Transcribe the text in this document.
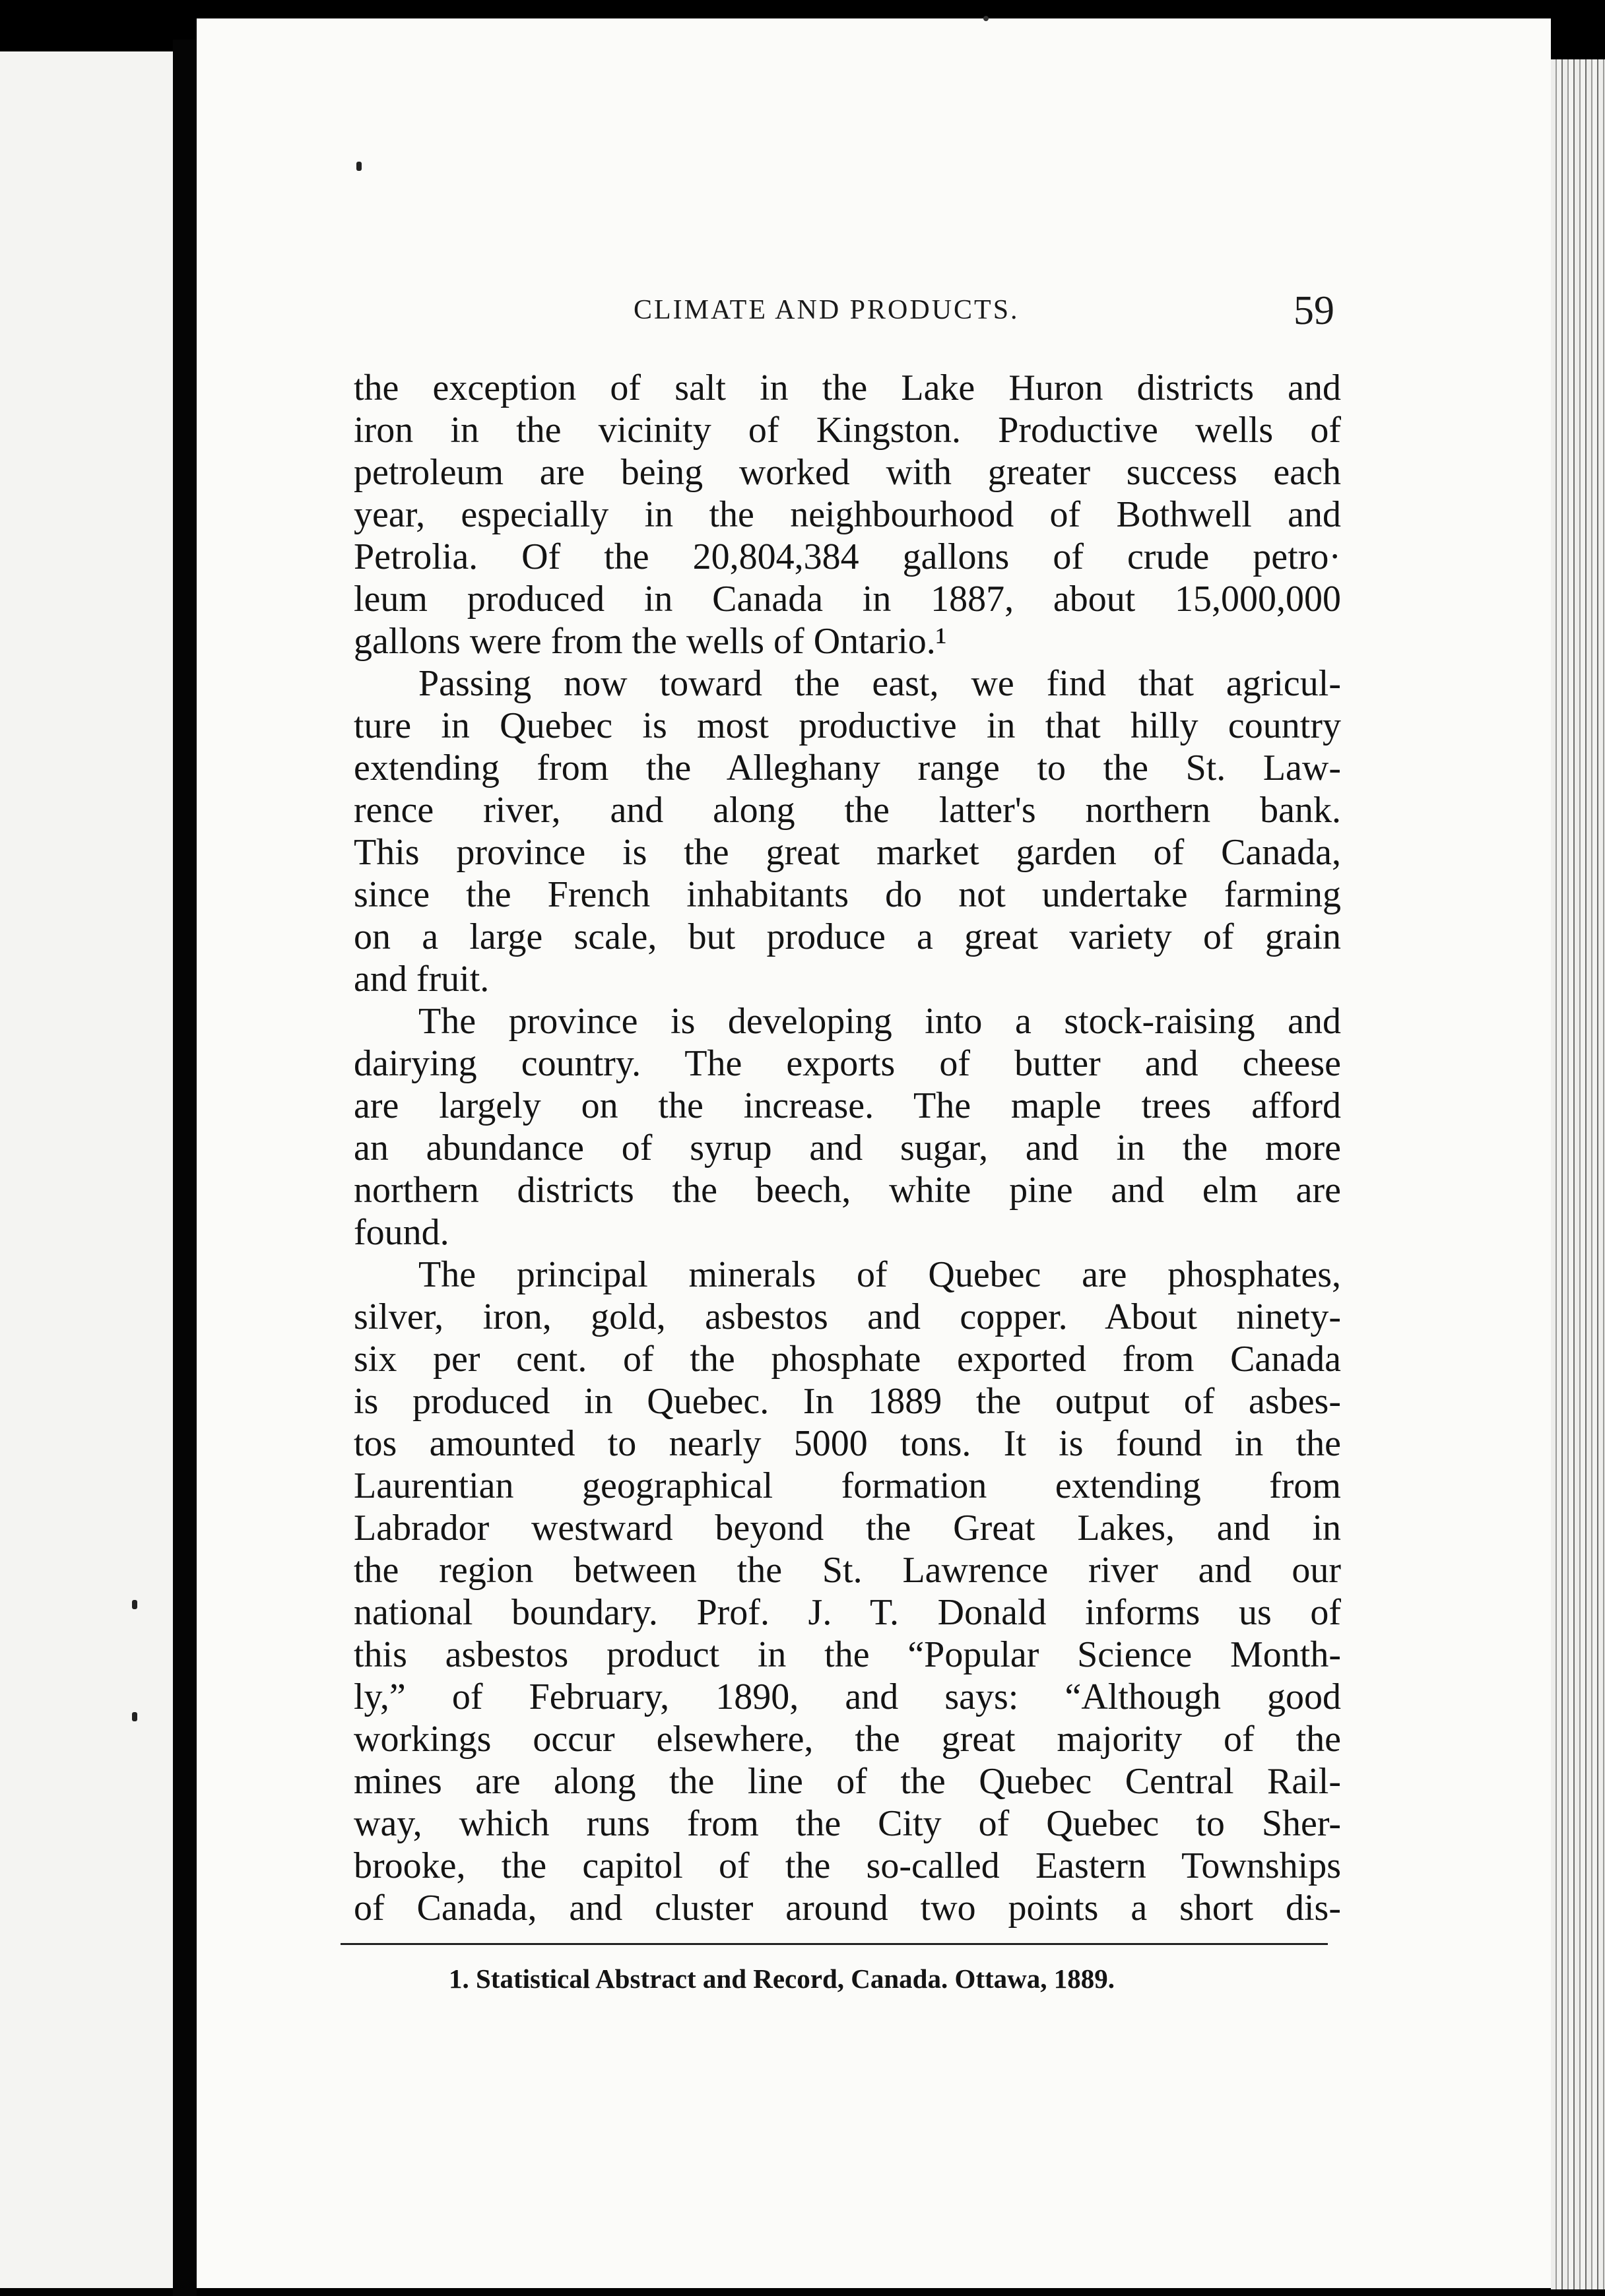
CLIMATE AND PRODUCTS.	59
the exception of salt in the Lake Huron districts and
iron in the vicinity of Kingston. Productive wells of
petroleum are being worked with greater success each
year, especially in the neighbourhood of Bothwell and
Petrolia. Of the 20,804,384 gallons of crude petro·
leum produced in Canada in 1887, about 15,000,000
gallons were from the wells of Ontario.¹
Passing now toward the east, we find that agricul-
ture in Quebec is most productive in that hilly country
extending from the Alleghany range to the St. Law-
rence river, and along the latter's northern bank.
This province is the great market garden of Canada,
since the French inhabitants do not undertake farming
on a large scale, but produce a great variety of grain
and fruit.
The province is developing into a stock-raising and
dairying country. The exports of butter and cheese
are largely on the increase. The maple trees afford
an abundance of syrup and sugar, and in the more
northern districts the beech, white pine and elm are
found.
The principal minerals of Quebec are phosphates,
silver, iron, gold, asbestos and copper. About ninety-
six per cent. of the phosphate exported from Canada
is produced in Quebec. In 1889 the output of asbes-
tos amounted to nearly 5000 tons. It is found in the
Laurentian geographical formation extending from
Labrador westward beyond the Great Lakes, and in
the region between the St. Lawrence river and our
national boundary. Prof. J. T. Donald informs us of
this asbestos product in the “Popular Science Month-
ly,” of February, 1890, and says: “Although good
workings occur elsewhere, the great majority of the
mines are along the line of the Quebec Central Rail-
way, which runs from the City of Quebec to Sher-
brooke, the capitol of the so-called Eastern Townships
of Canada, and cluster around two points a short dis-
1. Statistical Abstract and Record, Canada. Ottawa, 1889.
